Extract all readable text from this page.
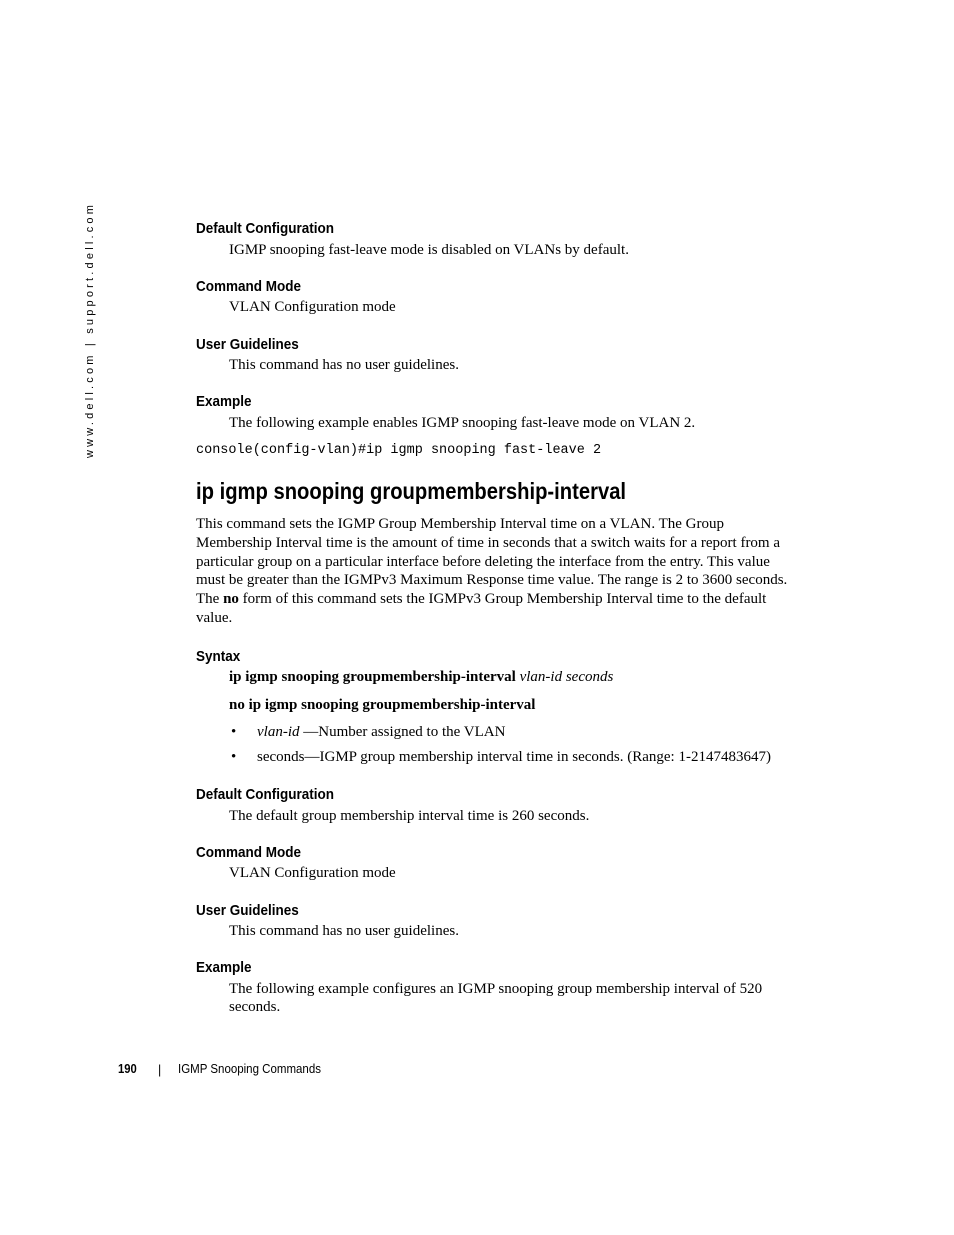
www.dell.com | support.dell.com	Default Configuration
IGMP snooping fast-leave mode is disabled on VLANs by default.
Command Mode
VLAN Configuration mode
User Guidelines
This command has no user guidelines.
Example
The following example enables IGMP snooping fast-leave mode on VLAN 2.
console(config-vlan)#ip igmp snooping fast-leave 2
ip igmp snooping groupmembership-interval
This command sets the IGMP Group Membership Interval time on a VLAN. The Group
Membership Interval time is the amount of time in seconds that a switch waits for a report from a
particular group on a particular interface before deleting the interface from the entry. This value
must be greater than the IGMPv3 Maximum Response time value. The range is 2 to 3600 seconds.
The no form of this command sets the IGMPv3 Group Membership Interval time to the default
value.
Syntax
ip igmp snooping groupmembership-interval vlan-id seconds
no ip igmp snooping groupmembership-interval
• vlan-id —Number assigned to the VLAN
• seconds—IGMP group membership interval time in seconds. (Range: 1-2147483647)
Default Configuration
The default group membership interval time is 260 seconds.
Command Mode
VLAN Configuration mode
User Guidelines
This command has no user guidelines.
Example
The following example configures an IGMP snooping group membership interval of 520
seconds.
190 | IGMP Snooping Commands
